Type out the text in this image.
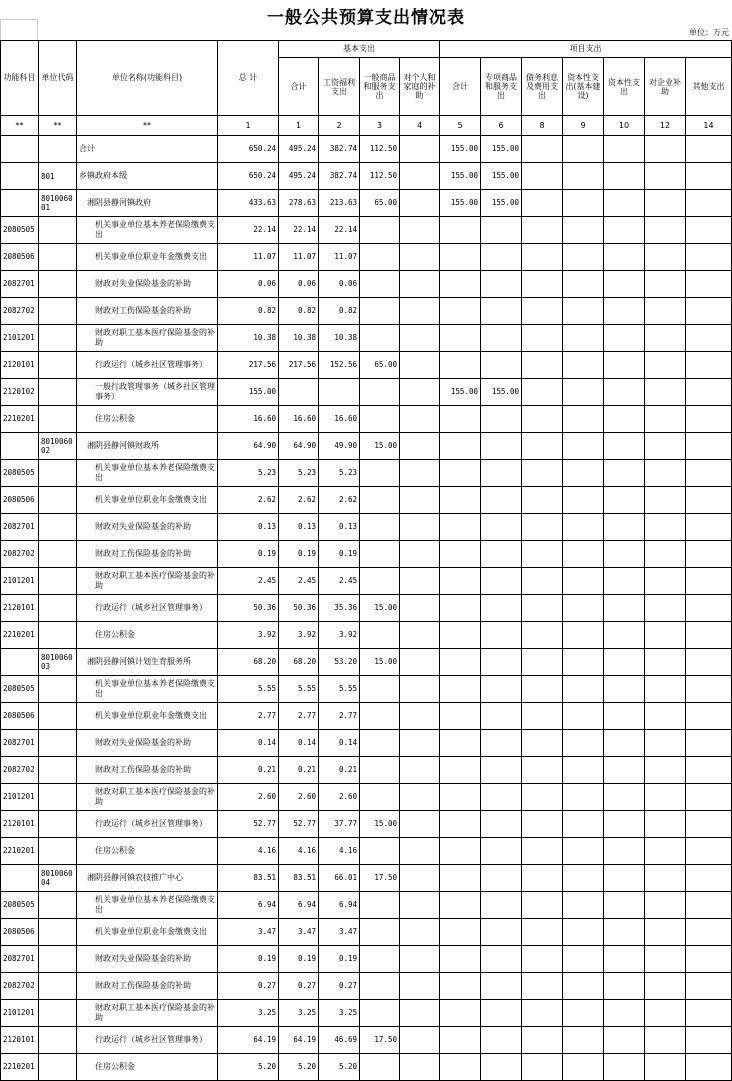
一般公共预算支出情况表
单位：万元
功能科目	单位代码	单位名称(功能科目)	总 计	基本支出				项目支出						
				合计	工资福利支出	一般商品和服务支出	对个人和家庭的补助	合计	专项商品和服务支出	债务利息及费用支出	资本性支出(基本建设)	资本性支出	对企业补助	其他支出
**	**	**	1	1	2	3	4	5	6	8	9	10	12	14
		合计	650.24	495.24	382.74	112.50		155.00	155.00					
	801	乡镇政府本级	650.24	495.24	382.74	112.50		155.00	155.00					
	801006001	湘阴县静河镇政府	433.63	278.63	213.63	65.00		155.00	155.00					
2080505		机关事业单位基本养老保险缴费支出	22.14	22.14	22.14									
2080506		机关事业单位职业年金缴费支出	11.07	11.07	11.07									
2082701		财政对失业保险基金的补助	0.06	0.06	0.06									
2082702		财政对工伤保险基金的补助	0.82	0.82	0.82									
2101201		财政对职工基本医疗保险基金的补助	10.38	10.38	10.38									
2120101		行政运行（城乡社区管理事务）	217.56	217.56	152.56	65.00								
2120102		一般行政管理事务（城乡社区管理事务）	155.00					155.00	155.00					
2210201		住房公积金	16.60	16.60	16.60									
	801006002	湘阴县静河镇财政所	64.90	64.90	49.90	15.00								
2080505		机关事业单位基本养老保险缴费支出	5.23	5.23	5.23									
2080506		机关事业单位职业年金缴费支出	2.62	2.62	2.62									
2082701		财政对失业保险基金的补助	0.13	0.13	0.13									
2082702		财政对工伤保险基金的补助	0.19	0.19	0.19									
2101201		财政对职工基本医疗保险基金的补助	2.45	2.45	2.45									
2120101		行政运行（城乡社区管理事务）	50.36	50.36	35.36	15.00								
2210201		住房公积金	3.92	3.92	3.92									
	801006003	湘阴县静河镇计划生育服务所	68.20	68.20	53.20	15.00								
2080505		机关事业单位基本养老保险缴费支出	5.55	5.55	5.55									
2080506		机关事业单位职业年金缴费支出	2.77	2.77	2.77									
2082701		财政对失业保险基金的补助	0.14	0.14	0.14									
2082702		财政对工伤保险基金的补助	0.21	0.21	0.21									
2101201		财政对职工基本医疗保险基金的补助	2.60	2.60	2.60									
2120101		行政运行（城乡社区管理事务）	52.77	52.77	37.77	15.00								
2210201		住房公积金	4.16	4.16	4.16									
	801006004	湘阴县静河镇农技推广中心	83.51	83.51	66.01	17.50								
2080505		机关事业单位基本养老保险缴费支出	6.94	6.94	6.94									
2080506		机关事业单位职业年金缴费支出	3.47	3.47	3.47									
2082701		财政对失业保险基金的补助	0.19	0.19	0.19									
2082702		财政对工伤保险基金的补助	0.27	0.27	0.27									
2101201		财政对职工基本医疗保险基金的补助	3.25	3.25	3.25									
2120101		行政运行（城乡社区管理事务）	64.19	64.19	46.69	17.50								
2210201		住房公积金	5.20	5.20	5.20									
